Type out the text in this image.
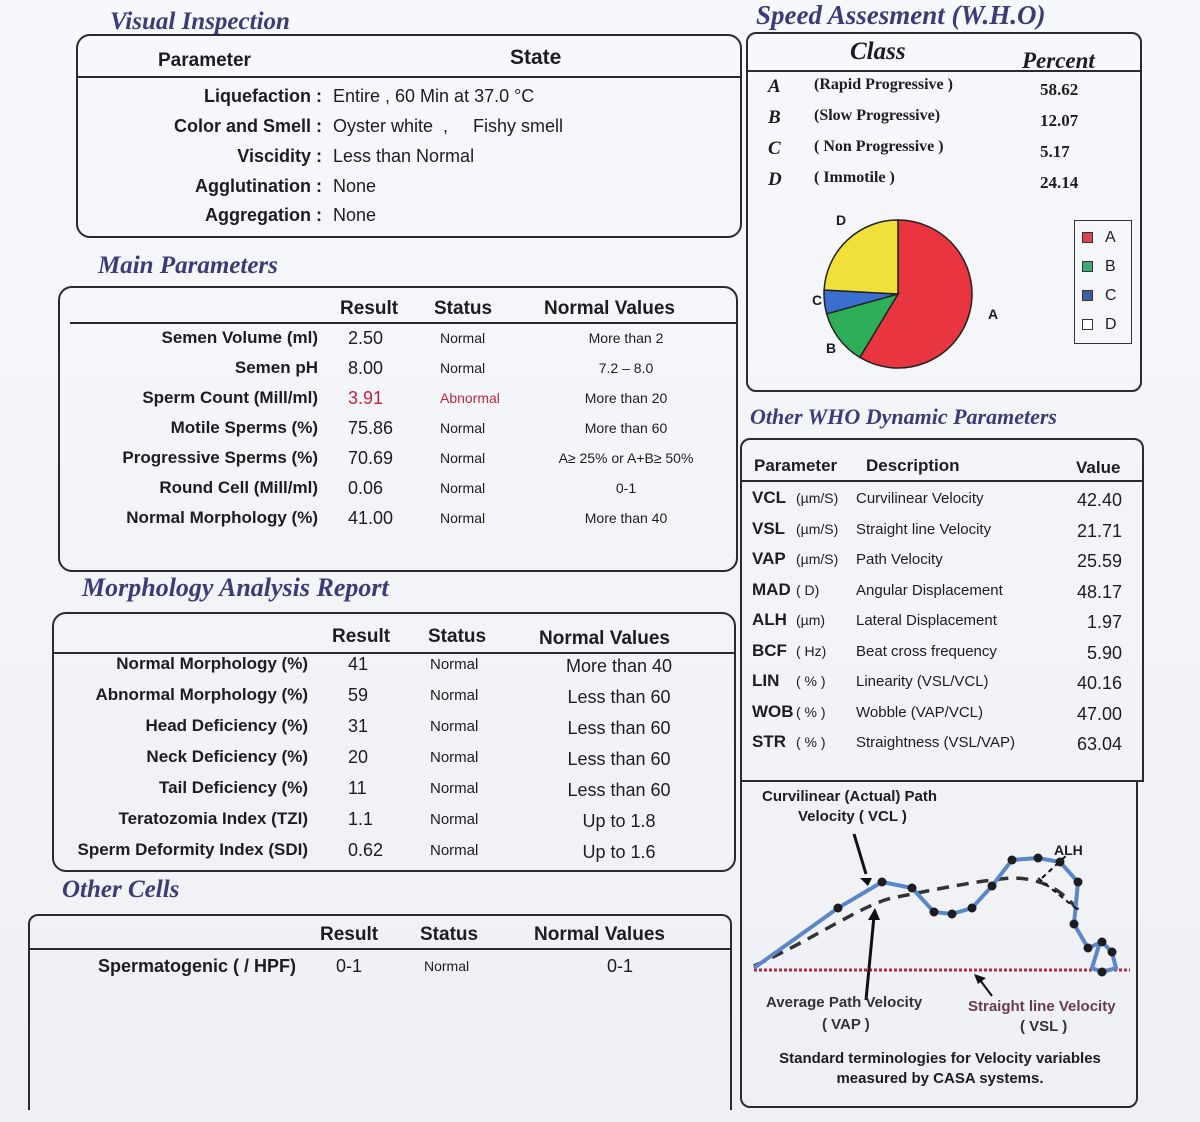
Visual Inspection
Parameter	State
Liquefaction : Entire , 60 Min at 37.0 °C
Color and Smell : Oyster white  ,     Fishy smell
Viscidity : Less than Normal
Agglutination : None
Aggregation : None
Main Parameters
Result Status	Normal Values
Semen Volume (ml) 2.50	Normal	More than 2
Semen pH 8.00	Normal	7.2 – 8.0
Sperm Count (Mill/ml) 3.91	Abnormal	More than 20
Motile Sperms (%) 75.86	Normal	More than 60
Progressive Sperms (%) 70.69	Normal	A≥ 25% or A+B≥ 50%
Round Cell (Mill/ml) 0.06	Normal	0-1
Normal Morphology (%) 41.00	Normal	More than 40
Morphology Analysis Report
Result Status	Normal Values
Normal Morphology (%) 41	Normal	More than 40
Abnormal Morphology (%) 59	Normal	Less than 60
Head Deficiency (%) 31	Normal	Less than 60
Neck Deficiency (%) 20	Normal	Less than 60
Tail Deficiency (%) 11	Normal	Less than 60
Teratozomia Index (TZI) 1.1	Normal	Up to 1.8
Sperm Deformity Index (SDI) 0.62	Normal	Up to 1.6
Other Cells
Result Status	Normal Values
Spermatogenic ( / HPF) 0-1	Normal	0-1
Speed Assesment (W.H.O)
Class	Percent
A (Rapid Progressive )	58.62
B (Slow Progressive)	12.07
C ( Non Progressive )	5.17
D ( Immotile )	24.14
D
C
B
A
A
B
C
D
Other WHO Dynamic Parameters
Parameter Description	Value
VCL (µm/S) Curvilinear Velocity	42.40
VSL (µm/S) Straight line Velocity	21.71
VAP (µm/S) Path Velocity	25.59
MAD ( D) Angular Displacement	48.17
ALH (µm) Lateral Displacement	1.97
BCF ( Hz) Beat cross frequency	5.90
LIN ( % ) Linearity (VSL/VCL)	40.16
WOB ( % ) Wobble (VAP/VCL)	47.00
STR ( % ) Straightness (VSL/VAP)	63.04
Curvilinear (Actual) Path
Velocity ( VCL )
ALH
Average Path Velocity
( VAP )
Straight line Velocity
( VSL )
Standard terminologies for Velocity variables
measured by CASA systems.
